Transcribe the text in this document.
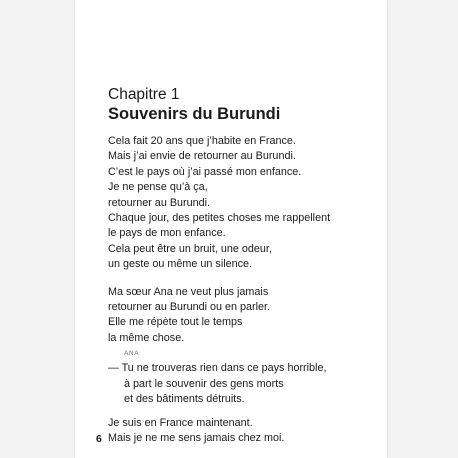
Chapitre 1
Souvenirs du Burundi

Cela fait 20 ans que j’habite en France.
Mais j’ai envie de retourner au Burundi.
C’est le pays où j’ai passé mon enfance.
Je ne pense qu’à ça,
retourner au Burundi.
Chaque jour, des petites choses me rappellent
le pays de mon enfance.
Cela peut être un bruit, une odeur,
un geste ou même un silence.

Ma sœur Ana ne veut plus jamais
retourner au Burundi ou en parler.
Elle me répète tout le temps
la même chose.

ANA

— Tu ne trouveras rien dans ce pays horrible,
à part le souvenir des gens morts
et des bâtiments détruits.

Je suis en France maintenant.
Mais je ne me sens jamais chez moi.

6
